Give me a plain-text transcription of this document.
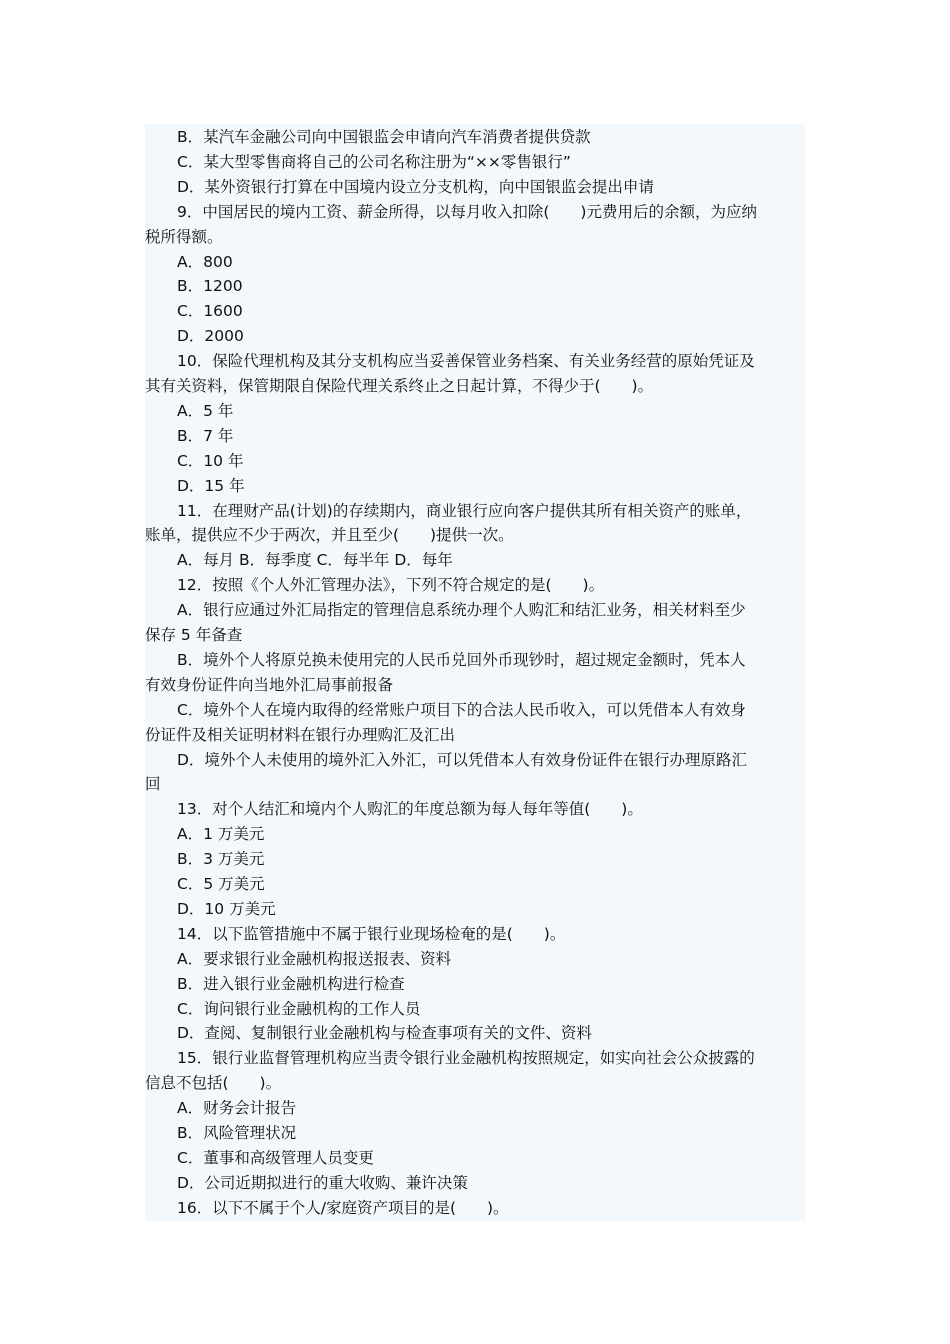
B．某汽车金融公司向中国银监会申请向汽车消费者提供贷款
C．某大型零售商将自己的公司名称注册为“××零售银行”
D．某外资银行打算在中国境内设立分支机构，向中国银监会提出申请
9．中国居民的境内工资、薪金所得，以每月收入扣除(　　)元费用后的余额，为应纳
税所得额。
A．800
B．1200
C．1600
D．2000
10．保险代理机构及其分支机构应当妥善保管业务档案、有关业务经营的原始凭证及
其有关资料，保管期限自保险代理关系终止之日起计算，不得少于(　　)。
A．5 年
B．7 年
C．10 年
D．15 年
11．在理财产品(计划)的存续期内，商业银行应向客户提供其所有相关资产的账单，
账单，提供应不少于两次，并且至少(　　)提供一次。
A．每月 B．每季度 C．每半年 D．每年
12．按照《个人外汇管理办法》，下列不符合规定的是(　　)。
A．银行应通过外汇局指定的管理信息系统办理个人购汇和结汇业务，相关材料至少
保存 5 年备查
B．境外个人将原兑换未使用完的人民币兑回外币现钞时，超过规定金额时，凭本人
有效身份证件向当地外汇局事前报备
C．境外个人在境内取得的经常账户项目下的合法人民币收入，可以凭借本人有效身
份证件及相关证明材料在银行办理购汇及汇出
D．境外个人未使用的境外汇入外汇，可以凭借本人有效身份证件在银行办理原路汇
回
13．对个人结汇和境内个人购汇的年度总额为每人每年等值(　　)。
A．1 万美元
B．3 万美元
C．5 万美元
D．10 万美元
14．以下监管措施中不属于银行业现场检奄的是(　　)。
A．要求银行业金融机构报送报表、资料
B．进入银行业金融机构进行检查
C．询问银行业金融机构的工作人员
D．查阅、复制银行业金融机构与检查事项有关的文件、资料
15．银行业监督管理机构应当责令银行业金融机构按照规定，如实向社会公众披露的
信息不包括(　　)。
A．财务会计报告
B．风险管理状况
C．董事和高级管理人员变更
D．公司近期拟进行的重大收购、兼许决策
16．以下不属于个人/家庭资产项目的是(　　)。
